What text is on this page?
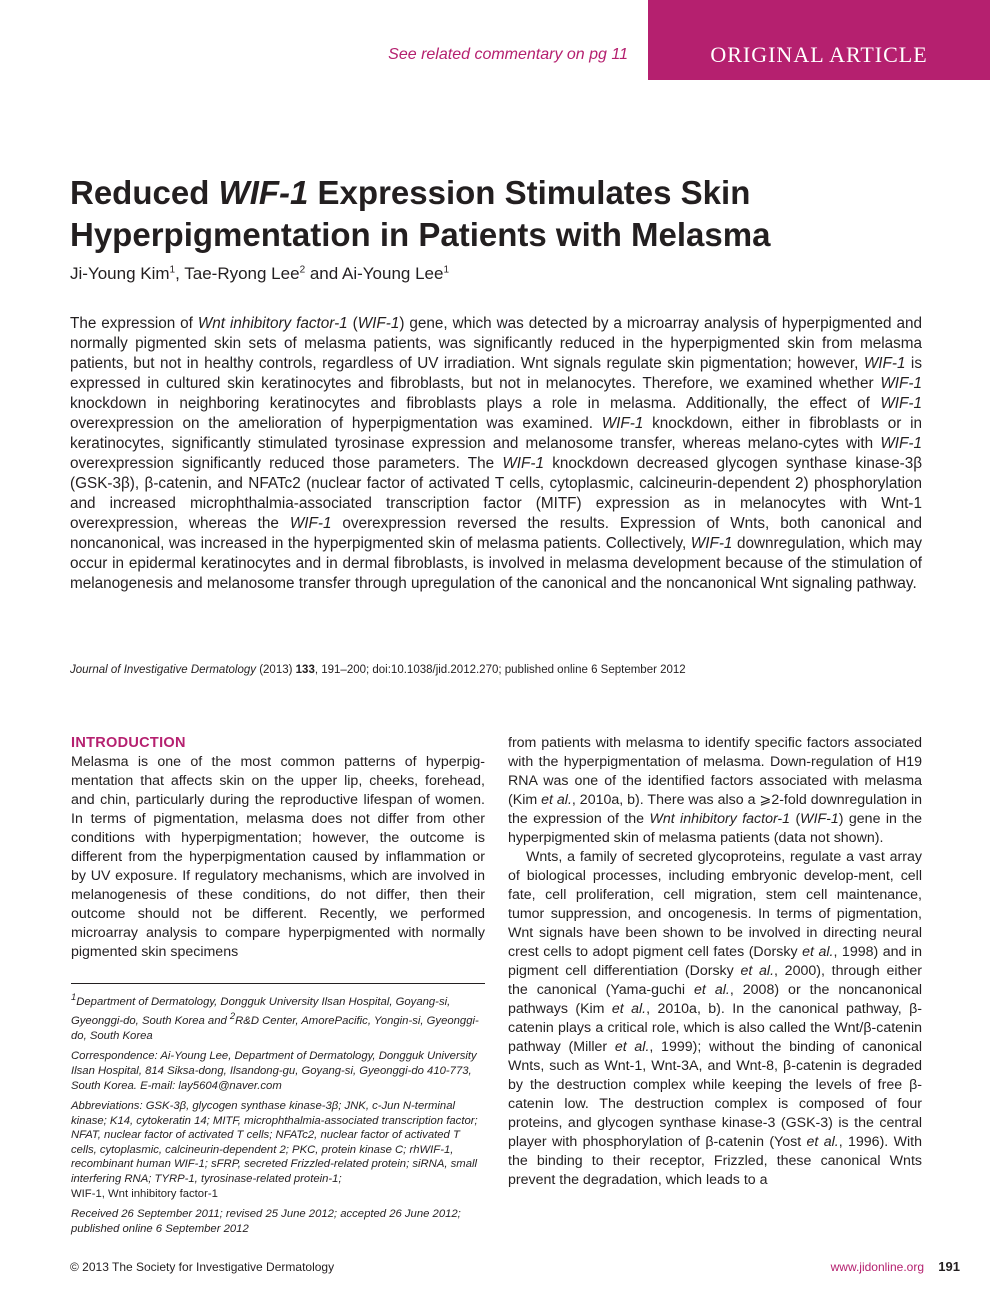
See related commentary on pg 11	ORIGINAL ARTICLE
Reduced WIF-1 Expression Stimulates Skin Hyperpigmentation in Patients with Melasma
Ji-Young Kim$^1$, Tae-Ryong Lee$^2$ and Ai-Young Lee$^1$
The expression of Wnt inhibitory factor-1 (WIF-1) gene, which was detected by a microarray analysis of hyperpigmented and normally pigmented skin sets of melasma patients, was significantly reduced in the hyperpigmented skin from melasma patients, but not in healthy controls, regardless of UV irradiation. Wnt signals regulate skin pigmentation; however, WIF-1 is expressed in cultured skin keratinocytes and fibroblasts, but not in melanocytes. Therefore, we examined whether WIF-1 knockdown in neighboring keratinocytes and fibroblasts plays a role in melasma. Additionally, the effect of WIF-1 overexpression on the amelioration of hyperpigmentation was examined. WIF-1 knockdown, either in fibroblasts or in keratinocytes, significantly stimulated tyrosinase expression and melanosome transfer, whereas melano-cytes with WIF-1 overexpression significantly reduced those parameters. The WIF-1 knockdown decreased glycogen synthase kinase-3β (GSK-3β), β-catenin, and NFATc2 (nuclear factor of activated T cells, cytoplasmic, calcineurin-dependent 2) phosphorylation and increased microphthalmia-associated transcription factor (MITF) expression as in melanocytes with Wnt-1 overexpression, whereas the WIF-1 overexpression reversed the results. Expression of Wnts, both canonical and noncanonical, was increased in the hyperpigmented skin of melasma patients. Collectively, WIF-1 downregulation, which may occur in epidermal keratinocytes and in dermal fibroblasts, is involved in melasma development because of the stimulation of melanogenesis and melanosome transfer through upregulation of the canonical and the noncanonical Wnt signaling pathway.
Journal of Investigative Dermatology (2013) 133, 191–200; doi:10.1038/jid.2012.270; published online 6 September 2012
INTRODUCTION

Melasma is one of the most common patterns of hyperpig-mentation that affects skin on the upper lip, cheeks, forehead, and chin, particularly during the reproductive lifespan of women. In terms of pigmentation, melasma does not differ from other conditions with hyperpigmentation; however, the outcome is different from the hyperpigmentation caused by inflammation or by UV exposure. If regulatory mechanisms, which are involved in melanogenesis of these conditions, do not differ, then their outcome should not be different. Recently, we performed microarray analysis to compare hyperpigmented with normally pigmented skin specimens

$^1$Department of Dermatology, Dongguk University Ilsan Hospital, Goyang-si, Gyeonggi-do, South Korea and $^2$R&D Center, AmorePacific, Yongin-si, Gyeonggi-do, South Korea

Correspondence: Ai-Young Lee, Department of Dermatology, Dongguk University Ilsan Hospital, 814 Siksa-dong, Ilsandong-gu, Goyang-si, Gyeonggi-do 410-773, South Korea. E-mail: lay5604@naver.com

Abbreviations: GSK-3β, glycogen synthase kinase-3β; JNK, c-Jun N-terminal kinase; K14, cytokeratin 14; MITF, microphthalmia-associated transcription factor; NFAT, nuclear factor of activated T cells; NFATc2, nuclear factor of activated T cells, cytoplasmic, calcineurin-dependent 2; PKC, protein kinase C; rhWIF-1, recombinant human WIF-1; sFRP, secreted Frizzled-related protein; siRNA, small interfering RNA; TYRP-1, tyrosinase-related protein-1;
WIF-1, Wnt inhibitory factor-1

Received 26 September 2011; revised 25 June 2012; accepted 26 June 2012; published online 6 September 2012

from patients with melasma to identify specific factors associated with the hyperpigmentation of melasma. Down-regulation of H19 RNA was one of the identified factors associated with melasma (Kim et al., 2010a, b). There was also a ⩾2-fold downregulation in the expression of the Wnt inhibitory factor-1 (WIF-1) gene in the hyperpigmented skin of melasma patients (data not shown).

Wnts, a family of secreted glycoproteins, regulate a vast array of biological processes, including embryonic develop-ment, cell fate, cell proliferation, cell migration, stem cell maintenance, tumor suppression, and oncogenesis. In terms of pigmentation, Wnt signals have been shown to be involved in directing neural crest cells to adopt pigment cell fates (Dorsky et al., 1998) and in pigment cell differentiation (Dorsky et al., 2000), through either the canonical (Yama-guchi et al., 2008) or the noncanonical pathways (Kim et al., 2010a, b). In the canonical pathway, β-catenin plays a critical role, which is also called the Wnt/β-catenin pathway (Miller et al., 1999); without the binding of canonical Wnts, such as Wnt-1, Wnt-3A, and Wnt-8, β-catenin is degraded by the destruction complex while keeping the levels of free β-catenin low. The destruction complex is composed of four proteins, and glycogen synthase kinase-3 (GSK-3) is the central player with phosphorylation of β-catenin (Yost et al., 1996). With the binding to their receptor, Frizzled, these canonical Wnts prevent the degradation, which leads to a

© 2013 The Society for Investigative Dermatology	www.jidonline.org 191
